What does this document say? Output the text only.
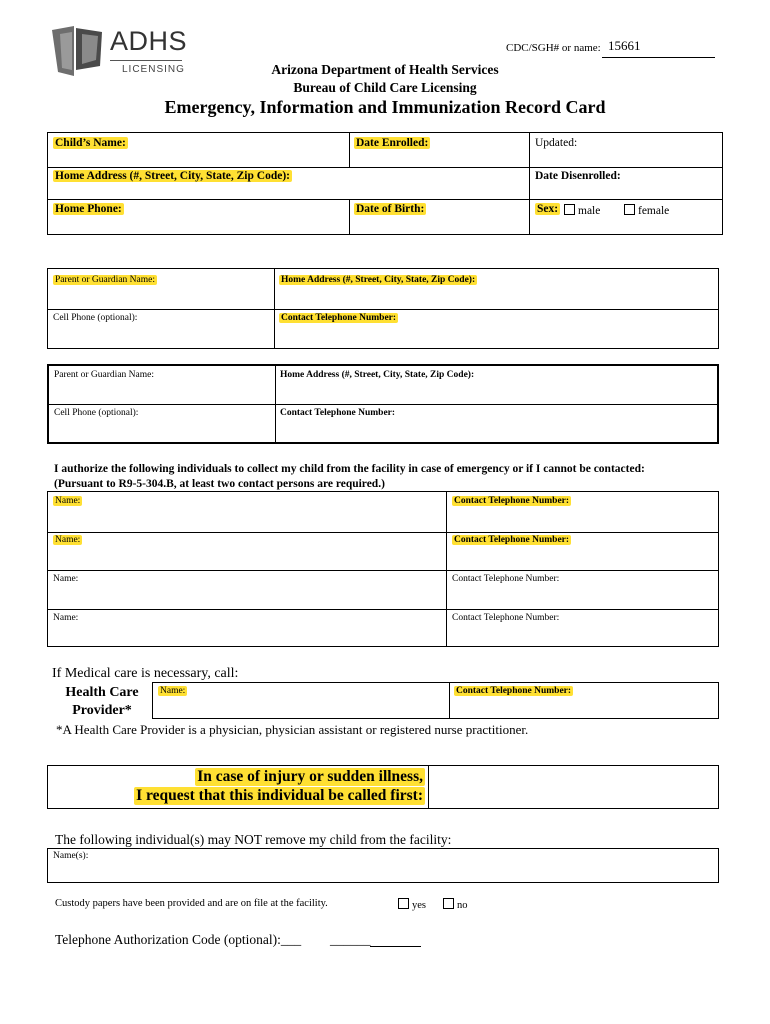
ADHS
LICENSING
CDC/SGH# or name: 15661
Arizona Department of Health Services
Bureau of Child Care Licensing
Emergency, Information and Immunization Record Card
Child’s Name:	Date Enrolled:	Updated:
Home Address (#, Street, City, State, Zip Code):	Date Disenrolled:
Home Phone:	Date of Birth:	Sex:	male	female
Parent or Guardian Name:	Home Address (#, Street, City, State, Zip Code):
Cell Phone (optional):	Contact Telephone Number:
Parent or Guardian Name:	Home Address (#, Street, City, State, Zip Code):
Cell Phone (optional):	Contact Telephone Number:
I authorize the following individuals to collect my child from the facility in case of emergency or if I cannot be contacted:
(Pursuant to R9-5-304.B, at least two contact persons are required.)
Name:	Contact Telephone Number:
Name:	Contact Telephone Number:
Name:	Contact Telephone Number:
Name:	Contact Telephone Number:
If Medical care is necessary, call:
Health Care
Provider*
Name:	Contact Telephone Number:
*A Health Care Provider is a physician, physician assistant or registered nurse practitioner.
In case of injury or sudden illness,
I request that this individual be called first:
The following individual(s) may NOT remove my child from the facility:
Name(s):
Custody papers have been provided and are on file at the facility.	yes	no
Telephone Authorization Code (optional):___ ______
